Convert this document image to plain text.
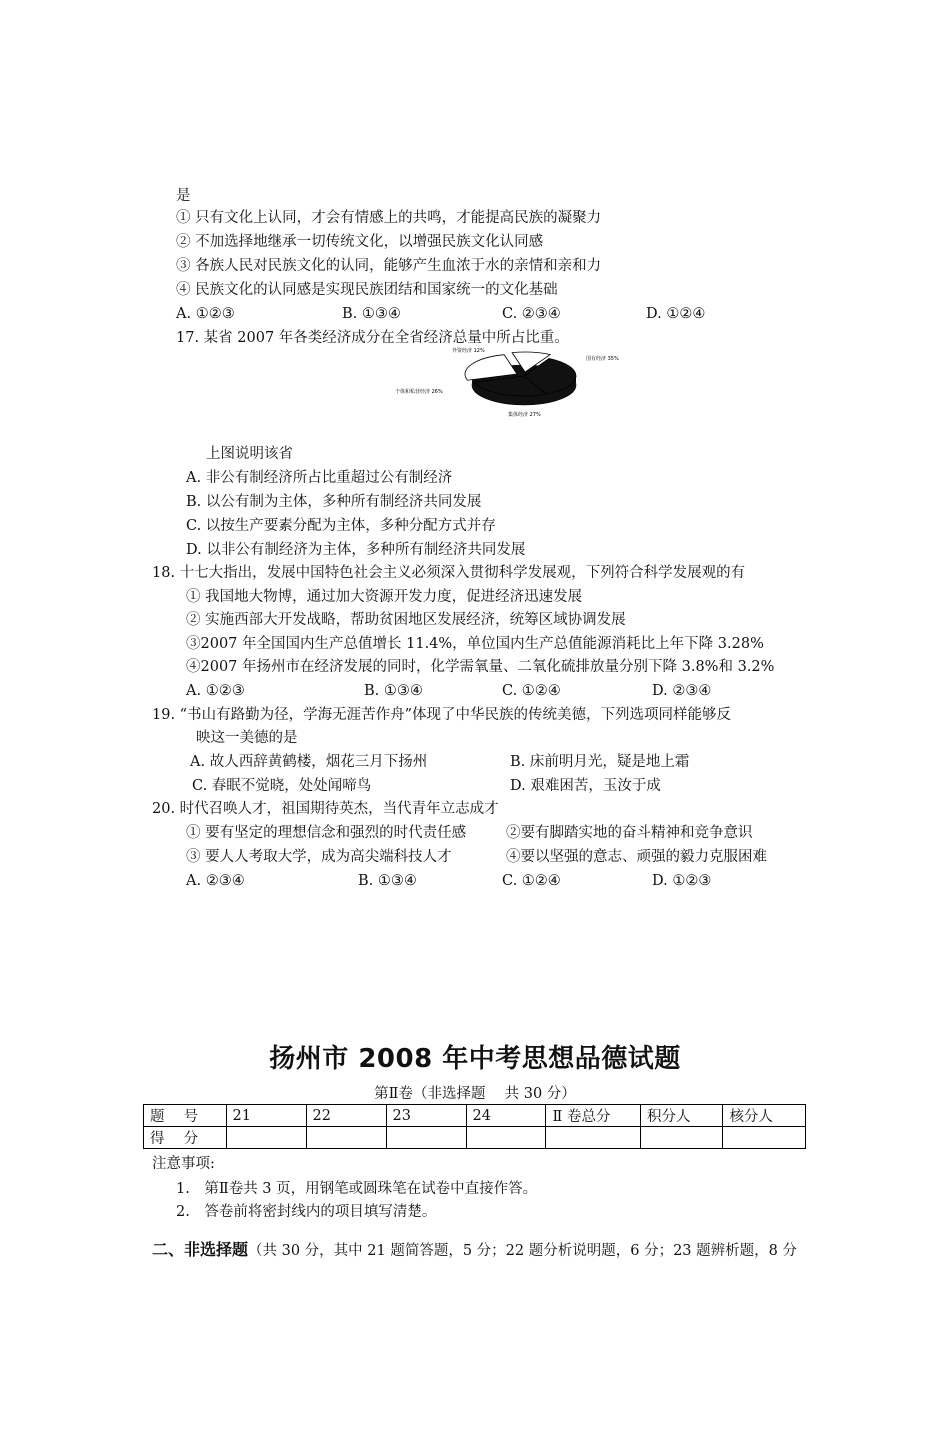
是
① 只有文化上认同，才会有情感上的共鸣，才能提高民族的凝聚力
② 不加选择地继承一切传统文化，以增强民族文化认同感
③ 各族人民对民族文化的认同，能够产生血浓于水的亲情和亲和力
④ 民族文化的认同感是实现民族团结和国家统一的文化基础
A. ①②③	B. ①③④	C. ②③④	D. ①②④
17. 某省 2007 年各类经济成分在全省经济总量中所占比重。
外资经济 12%
国有经济 35%
集体经济 27%
个体和私营经济 26%
上图说明该省
A. 非公有制经济所占比重超过公有制经济
B. 以公有制为主体，多种所有制经济共同发展
C. 以按生产要素分配为主体，多种分配方式并存
D. 以非公有制经济为主体，多种所有制经济共同发展
18. 十七大指出，发展中国特色社会主义必须深入贯彻科学发展观，下列符合科学发展观的有
① 我国地大物博，通过加大资源开发力度，促进经济迅速发展
② 实施西部大开发战略，帮助贫困地区发展经济，统筹区域协调发展
③2007 年全国国内生产总值增长 11.4%，单位国内生产总值能源消耗比上年下降 3.28%
④2007 年扬州市在经济发展的同时，化学需氧量、二氧化硫排放量分别下降 3.8%和 3.2%
A. ①②③	B. ①③④	C. ①②④	D. ②③④
19. “书山有路勤为径，学海无涯苦作舟”体现了中华民族的传统美德，下列选项同样能够反
映这一美德的是
A. 故人西辞黄鹤楼，烟花三月下扬州	B. 床前明月光，疑是地上霜
C. 春眠不觉晓，处处闻啼鸟	D. 艰难困苦，玉汝于成
20. 时代召唤人才，祖国期待英杰，当代青年立志成才
① 要有坚定的理想信念和强烈的时代责任感	②要有脚踏实地的奋斗精神和竞争意识
③ 要人人考取大学，成为高尖端科技人才	④要以坚强的意志、顽强的毅力克服困难
A. ②③④	B. ①③④	C. ①②④	D. ①②③
扬州市 2008 年中考思想品德试题
第Ⅱ卷（非选择题　 共 30 分）
题　 号	21	22	23	24	Ⅱ 卷总分	积分人	核分人
得　 分							
注意事项:
1.　第Ⅱ卷共 3 页，用钢笔或圆珠笔在试卷中直接作答。
2.　答卷前将密封线内的项目填写清楚。
二、非选择题（共 30 分，其中 21 题简答题，5 分；22 题分析说明题，6 分；23 题辨析题，8 分
